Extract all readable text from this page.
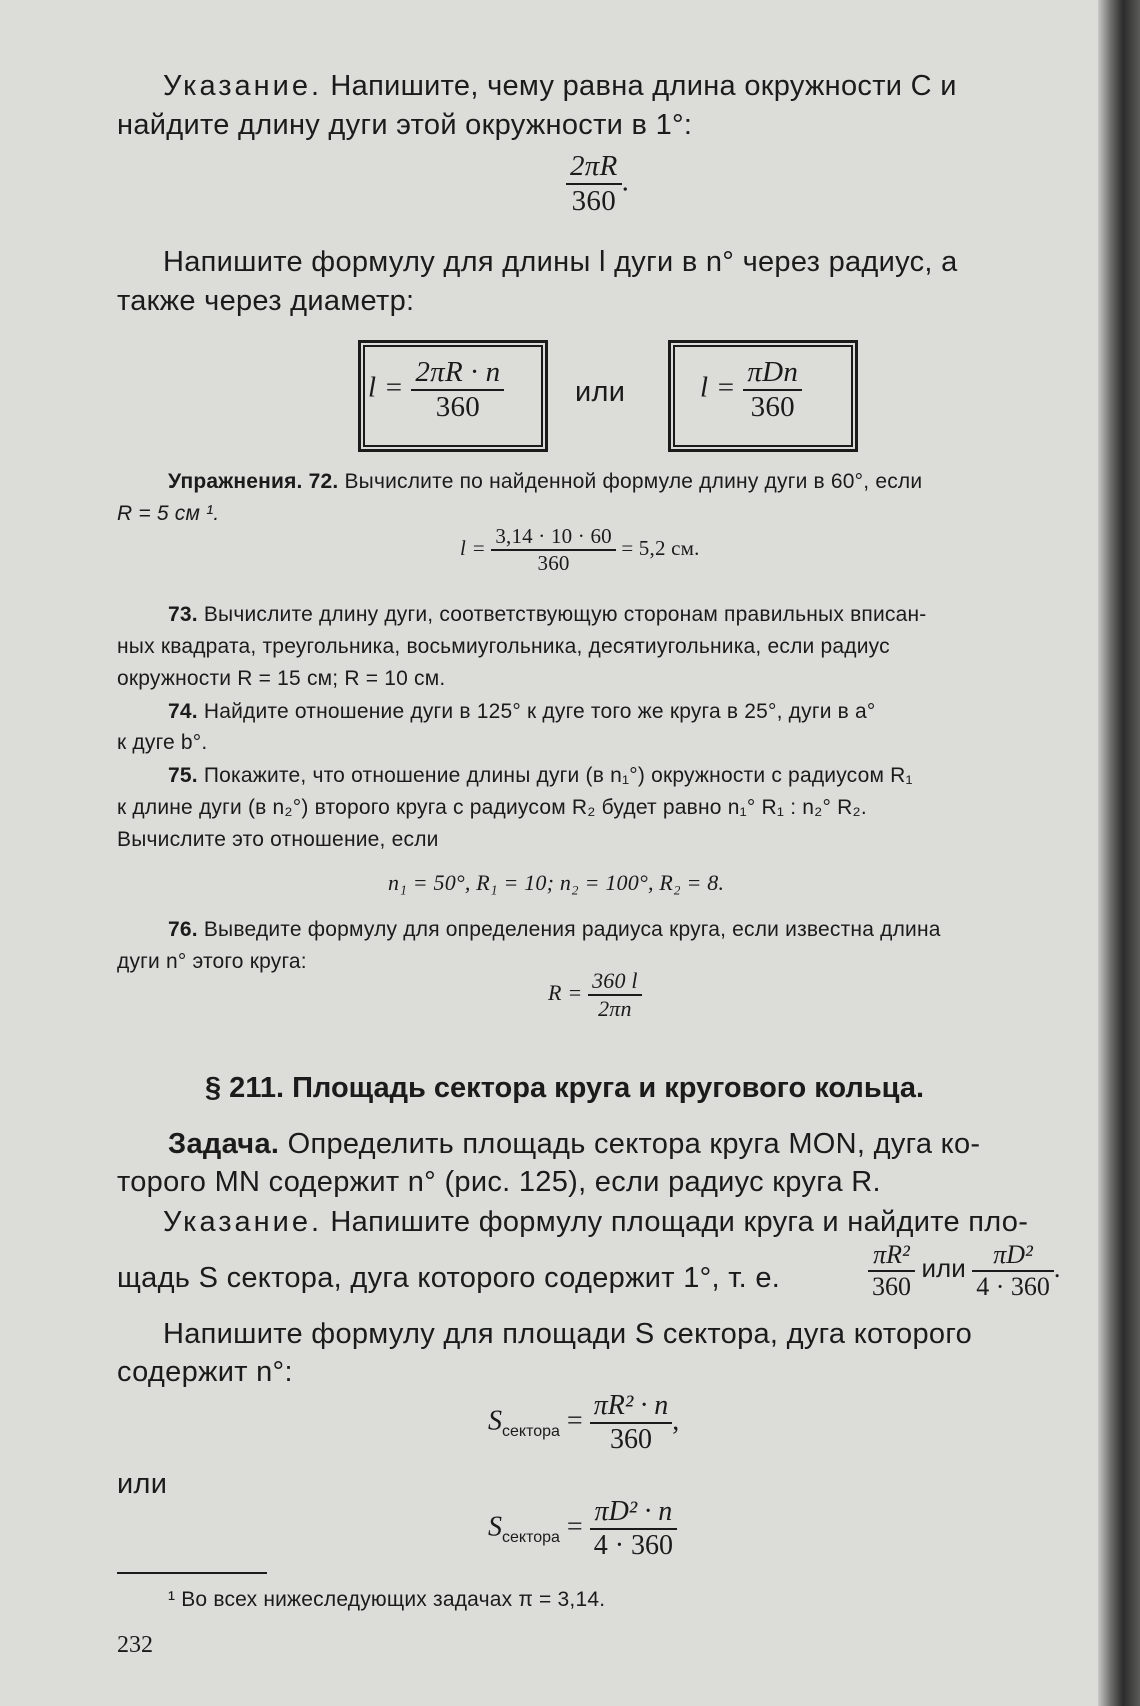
Указание. Напишите, чему равна длина окружности C и
найдите длину дуги этой окружности в 1°:
$\frac{2\pi R}{360}$ .
Напишите формулу для длины l дуги в n° через радиус, а
также через диаметр:
$l = \frac{2\pi R \cdot n}{360}$ или	$l = \frac{\text{πDn}}{360}$
Упражнения. 72. Вычислите по найденной формуле длину дуги в 60°, если
R = 5 см ¹.
$l = \frac{3,14 \cdot 10 \cdot 60}{360} = 5,2$ см.
73. Вычислите длину дуги, соответствующую сторонам правильных вписан-
ных квадрата, треугольника, восьмиугольника, десятиугольника, если радиус
окружности R = 15 см; R = 10 см.
74. Найдите отношение дуги в 125° к дуге того же круга в 25°, дуги в a°
к дуге b°.
75. Покажите, что отношение длины дуги (в n₁°) окружности с радиусом R₁
к длине дуги (в n₂°) второго круга с радиусом R₂ будет равно n₁° R₁ : n₂° R₂.
Вычислите это отношение, если
n₁ = 50°, R₁ = 10; n₂ = 100°, R₂ = 8.
76. Выведите формулу для определения радиуса круга, если известна длина
дуги n° этого круга:
$R = \frac{360 l}{2\pi n}$
§ 211. Площадь сектора круга и кругового кольца.
Задача. Определить площадь сектора круга MON, дуга ко-
торого MN содержит n° (рис. 125), если радиус круга R.
Указание. Напишите формулу площади круга и найдите пло-
щадь S сектора, дуга которого содержит 1°, т. е.	$\frac{\text{πR²}}{360}$ или $\frac{\text{πD²}}{4 \cdot 360}$ .
Напишите формулу для площади S сектора, дуга которого
содержит n°:
$S_{сектора} = \frac{\text{πR² · n}}{360}$ ,
или
$S_{сектора} = \frac{\text{πD² · n}}{4 \cdot 360}$
¹ Во всех нижеследующих задачах π = 3,14.
232
